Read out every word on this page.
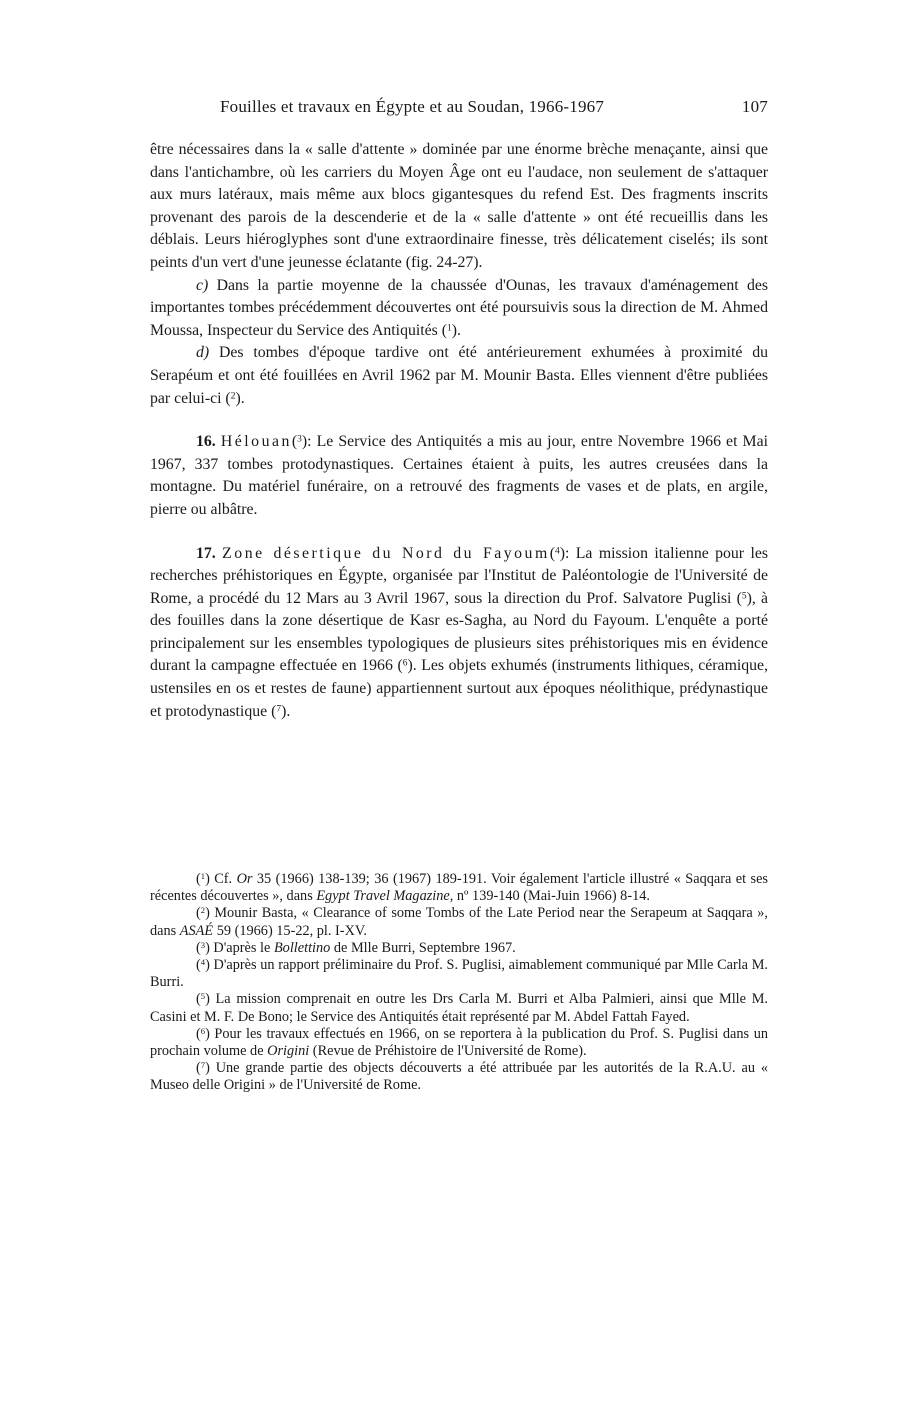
Fouilles et travaux en Égypte et au Soudan, 1966-1967	107

être nécessaires dans la « salle d'attente » dominée par une énorme brèche menaçante, ainsi que dans l'antichambre, où les carriers du Moyen Âge ont eu l'audace, non seulement de s'attaquer aux murs latéraux, mais même aux blocs gigantesques du refend Est. Des fragments inscrits provenant des parois de la descenderie et de la « salle d'attente » ont été recueillis dans les déblais. Leurs hiéroglyphes sont d'une extraordinaire finesse, très délicatement ciselés; ils sont peints d'un vert d'une jeunesse éclatante (fig. 24-27).

c) Dans la partie moyenne de la chaussée d'Ounas, les travaux d'aménagement des importantes tombes précédemment découvertes ont été poursuivis sous la direction de M. Ahmed Moussa, Inspecteur du Service des Antiquités ($^1$).

d) Des tombes d'époque tardive ont été antérieurement exhumées à proximité du Serapéum et ont été fouillées en Avril 1962 par M. Mounir Basta. Elles viennent d'être publiées par celui-ci ($^2$).

16. Hélouan($^3$): Le Service des Antiquités a mis au jour, entre Novembre 1966 et Mai 1967, 337 tombes protodynastiques. Certaines étaient à puits, les autres creusées dans la montagne. Du matériel funéraire, on a retrouvé des fragments de vases et de plats, en argile, pierre ou albâtre.

17. Zone désertique du Nord du Fayoum($^4$): La mission italienne pour les recherches préhistoriques en Égypte, organisée par l'Institut de Paléontologie de l'Université de Rome, a procédé du 12 Mars au 3 Avril 1967, sous la direction du Prof. Salvatore Puglisi ($^5$), à des fouilles dans la zone désertique de Kasr es-Sagha, au Nord du Fayoum. L'enquête a porté principalement sur les ensembles typologiques de plusieurs sites préhistoriques mis en évidence durant la campagne effectuée en 1966 ($^6$). Les objets exhumés (instruments lithiques, céramique, ustensiles en os et restes de faune) appartiennent surtout aux époques néolithique, prédynastique et protodynastique ($^7$).

($^1$) Cf. Or 35 (1966) 138-139; 36 (1967) 189-191. Voir également l'article illustré « Saqqara et ses récentes découvertes », dans Egypt Travel Magazine, nº 139-140 (Mai-Juin 1966) 8-14.

($^2$) Mounir Basta, « Clearance of some Tombs of the Late Period near the Serapeum at Saqqara », dans ASAÉ 59 (1966) 15-22, pl. I-XV.

($^3$) D'après le Bollettino de Mlle Burri, Septembre 1967.

($^4$) D'après un rapport préliminaire du Prof. S. Puglisi, aimablement communiqué par Mlle Carla M. Burri.

($^5$) La mission comprenait en outre les Drs Carla M. Burri et Alba Palmieri, ainsi que Mlle M. Casini et M. F. De Bono; le Service des Antiquités était représenté par M. Abdel Fattah Fayed.

($^6$) Pour les travaux effectués en 1966, on se reportera à la publication du Prof. S. Puglisi dans un prochain volume de Origini (Revue de Préhistoire de l'Université de Rome).

($^7$) Une grande partie des objects découverts a été attribuée par les autorités de la R.A.U. au « Museo delle Origini » de l'Université de Rome.
